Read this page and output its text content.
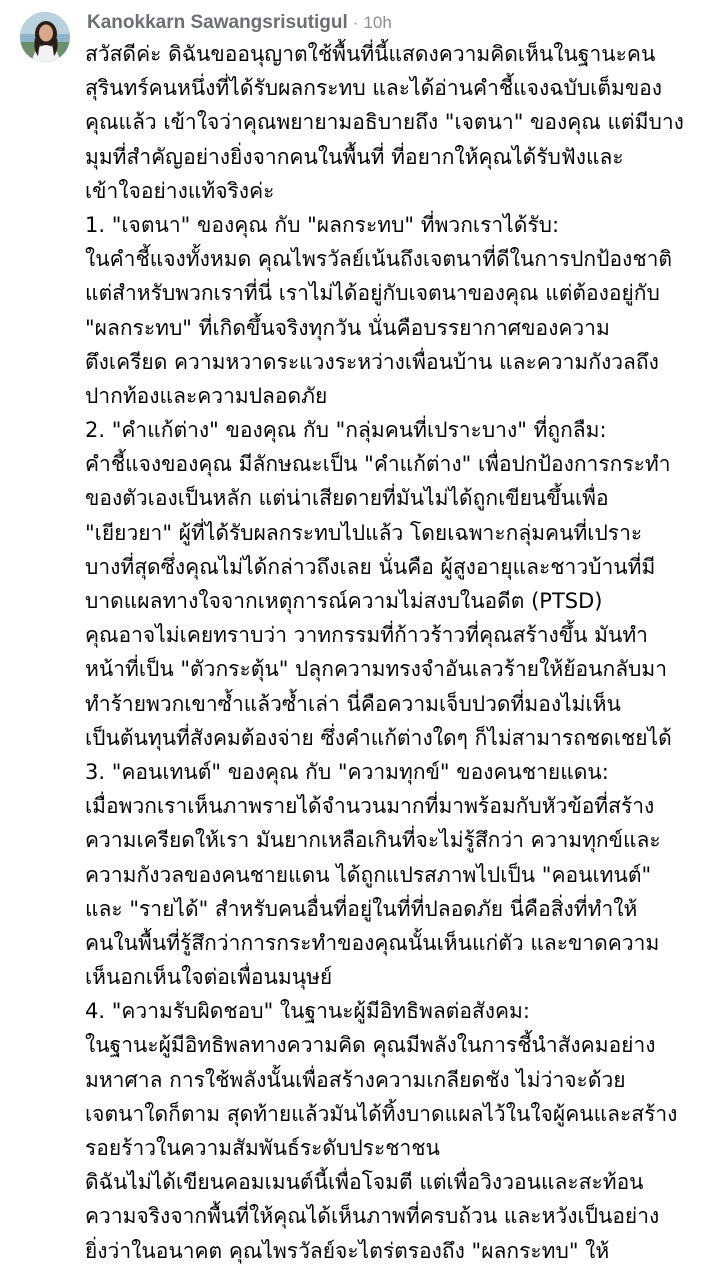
Kanokkarn Sawangsrisutigul · 10h
สวัสดีค่ะ ดิฉันขออนุญาตใช้พื้นที่นี้แสดงความคิดเห็นในฐานะคน
สุรินทร์คนหนึ่งที่ได้รับผลกระทบ และได้อ่านคำชี้แจงฉบับเต็มของ
คุณแล้ว เข้าใจว่าคุณพยายามอธิบายถึง "เจตนา" ของคุณ แต่มีบาง
มุมที่สำคัญอย่างยิ่งจากคนในพื้นที่ ที่อยากให้คุณได้รับฟังและ
เข้าใจอย่างแท้จริงค่ะ
1. "เจตนา" ของคุณ กับ "ผลกระทบ" ที่พวกเราได้รับ:
ในคำชี้แจงทั้งหมด คุณไพรวัลย์เน้นถึงเจตนาที่ดีในการปกป้องชาติ
แต่สำหรับพวกเราที่นี่ เราไม่ได้อยู่กับเจตนาของคุณ แต่ต้องอยู่กับ
"ผลกระทบ" ที่เกิดขึ้นจริงทุกวัน นั่นคือบรรยากาศของความ
ตึงเครียด ความหวาดระแวงระหว่างเพื่อนบ้าน และความกังวลถึง
ปากท้องและความปลอดภัย
2. "คำแก้ต่าง" ของคุณ กับ "กลุ่มคนที่เปราะบาง" ที่ถูกลืม:
คำชี้แจงของคุณ มีลักษณะเป็น "คำแก้ต่าง" เพื่อปกป้องการกระทำ
ของตัวเองเป็นหลัก แต่น่าเสียดายที่มันไม่ได้ถูกเขียนขึ้นเพื่อ
"เยียวยา" ผู้ที่ได้รับผลกระทบไปแล้ว โดยเฉพาะกลุ่มคนที่เปราะ
บางที่สุดซึ่งคุณไม่ได้กล่าวถึงเลย นั่นคือ ผู้สูงอายุและชาวบ้านที่มี
บาดแผลทางใจจากเหตุการณ์ความไม่สงบในอดีต (PTSD)
คุณอาจไม่เคยทราบว่า วาทกรรมที่ก้าวร้าวที่คุณสร้างขึ้น มันทำ
หน้าที่เป็น "ตัวกระตุ้น" ปลุกความทรงจำอันเลวร้ายให้ย้อนกลับมา
ทำร้ายพวกเขาซ้ำแล้วซ้ำเล่า นี่คือความเจ็บปวดที่มองไม่เห็น
เป็นต้นทุนที่สังคมต้องจ่าย ซึ่งคำแก้ต่างใดๆ ก็ไม่สามารถชดเชยได้
3. "คอนเทนต์" ของคุณ กับ "ความทุกข์" ของคนชายแดน:
เมื่อพวกเราเห็นภาพรายได้จำนวนมากที่มาพร้อมกับหัวข้อที่สร้าง
ความเครียดให้เรา มันยากเหลือเกินที่จะไม่รู้สึกว่า ความทุกข์และ
ความกังวลของคนชายแดน ได้ถูกแปรสภาพไปเป็น "คอนเทนต์"
และ "รายได้" สำหรับคนอื่นที่อยู่ในที่ที่ปลอดภัย นี่คือสิ่งที่ทำให้
คนในพื้นที่รู้สึกว่าการกระทำของคุณนั้นเห็นแก่ตัว และขาดความ
เห็นอกเห็นใจต่อเพื่อนมนุษย์
4. "ความรับผิดชอบ" ในฐานะผู้มีอิทธิพลต่อสังคม:
ในฐานะผู้มีอิทธิพลทางความคิด คุณมีพลังในการชี้นำสังคมอย่าง
มหาศาล การใช้พลังนั้นเพื่อสร้างความเกลียดชัง ไม่ว่าจะด้วย
เจตนาใดก็ตาม สุดท้ายแล้วมันได้ทิ้งบาดแผลไว้ในใจผู้คนและสร้าง
รอยร้าวในความสัมพันธ์ระดับประชาชน
ดิฉันไม่ได้เขียนคอมเมนต์นี้เพื่อโจมตี แต่เพื่อวิงวอนและสะท้อน
ความจริงจากพื้นที่ให้คุณได้เห็นภาพที่ครบถ้วน และหวังเป็นอย่าง
ยิ่งว่าในอนาคต คุณไพรวัลย์จะไตร่ตรองถึง "ผลกระทบ" ให้
